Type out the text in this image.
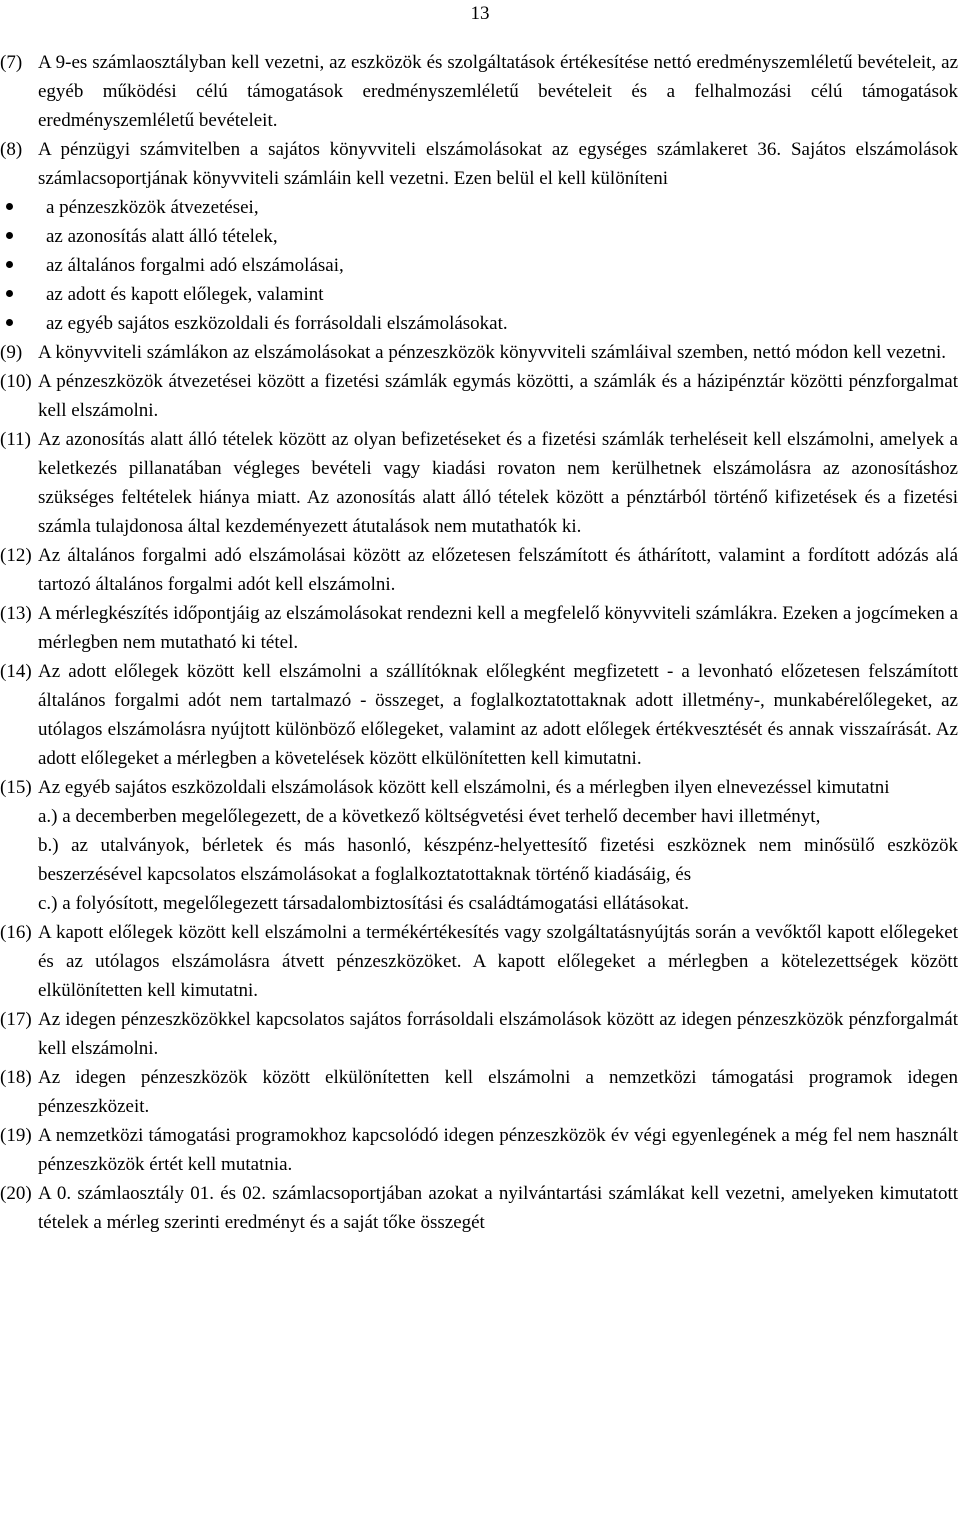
13

(7) A 9-es számlaosztályban kell vezetni, az eszközök és szolgáltatások értékesítése nettó eredményszemléletű bevételeit, az egyéb működési célú támogatások eredményszemléletű bevételeit és a felhalmozási célú támogatások eredményszemléletű bevételeit.

(8) A pénzügyi számvitelben a sajátos könyvviteli elszámolásokat az egységes számlakeret 36. Sajátos elszámolások számlacsoportjának könyvviteli számláin kell vezetni. Ezen belül el kell különíteni

a pénzeszközök átvezetései,
az azonosítás alatt álló tételek,
az általános forgalmi adó elszámolásai,
az adott és kapott előlegek, valamint
az egyéb sajátos eszközoldali és forrásoldali elszámolásokat.

(9) A könyvviteli számlákon az elszámolásokat a pénzeszközök könyvviteli számláival szemben, nettó módon kell vezetni.

(10) A pénzeszközök átvezetései között a fizetési számlák egymás közötti, a számlák és a házipénztár közötti pénzforgalmat kell elszámolni.

(11) Az azonosítás alatt álló tételek között az olyan befizetéseket és a fizetési számlák terheléseit kell elszámolni, amelyek a keletkezés pillanatában végleges bevételi vagy kiadási rovaton nem kerülhetnek elszámolásra az azonosításhoz szükséges feltételek hiánya miatt. Az azonosítás alatt álló tételek között a pénztárból történő kifizetések és a fizetési számla tulajdonosa által kezdeményezett átutalások nem mutathatók ki.

(12) Az általános forgalmi adó elszámolásai között az előzetesen felszámított és áthárított, valamint a fordított adózás alá tartozó általános forgalmi adót kell elszámolni.

(13) A mérlegkészítés időpontjáig az elszámolásokat rendezni kell a megfelelő könyvviteli számlákra. Ezeken a jogcímeken a mérlegben nem mutatható ki tétel.

(14) Az adott előlegek között kell elszámolni a szállítóknak előlegként megfizetett - a levonható előzetesen felszámított általános forgalmi adót nem tartalmazó - összeget, a foglalkoztatottaknak adott illetmény-, munkabérelőlegeket, az utólagos elszámolásra nyújtott különböző előlegeket, valamint az adott előlegek értékvesztését és annak visszaírását. Az adott előlegeket a mérlegben a követelések között elkülönítetten kell kimutatni.

(15) Az egyéb sajátos eszközoldali elszámolások között kell elszámolni, és a mérlegben ilyen elnevezéssel kimutatni

a.) a decemberben megelőlegezett, de a következő költségvetési évet terhelő december havi illetményt,

b.) az utalványok, bérletek és más hasonló, készpénz-helyettesítő fizetési eszköznek nem minősülő eszközök beszerzésével kapcsolatos elszámolásokat a foglalkoztatottaknak történő kiadásáig, és

c.) a folyósított, megelőlegezett társadalombiztosítási és családtámogatási ellátásokat.

(16) A kapott előlegek között kell elszámolni a termékértékesítés vagy szolgáltatásnyújtás során a vevőktől kapott előlegeket és az utólagos elszámolásra átvett pénzeszközöket. A kapott előlegeket a mérlegben a kötelezettségek között elkülönítetten kell kimutatni.

(17) Az idegen pénzeszközökkel kapcsolatos sajátos forrásoldali elszámolások között az idegen pénzeszközök pénzforgalmát kell elszámolni.

(18) Az idegen pénzeszközök között elkülönítetten kell elszámolni a nemzetközi támogatási programok idegen pénzeszközeit.

(19) A nemzetközi támogatási programokhoz kapcsolódó idegen pénzeszközök év végi egyenlegének a még fel nem használt pénzeszközök értét kell mutatnia.

(20) A 0. számlaosztály 01. és 02. számlacsoportjában azokat a nyilvántartási számlákat kell vezetni, amelyeken kimutatott tételek a mérleg szerinti eredményt és a saját tőke összegét
